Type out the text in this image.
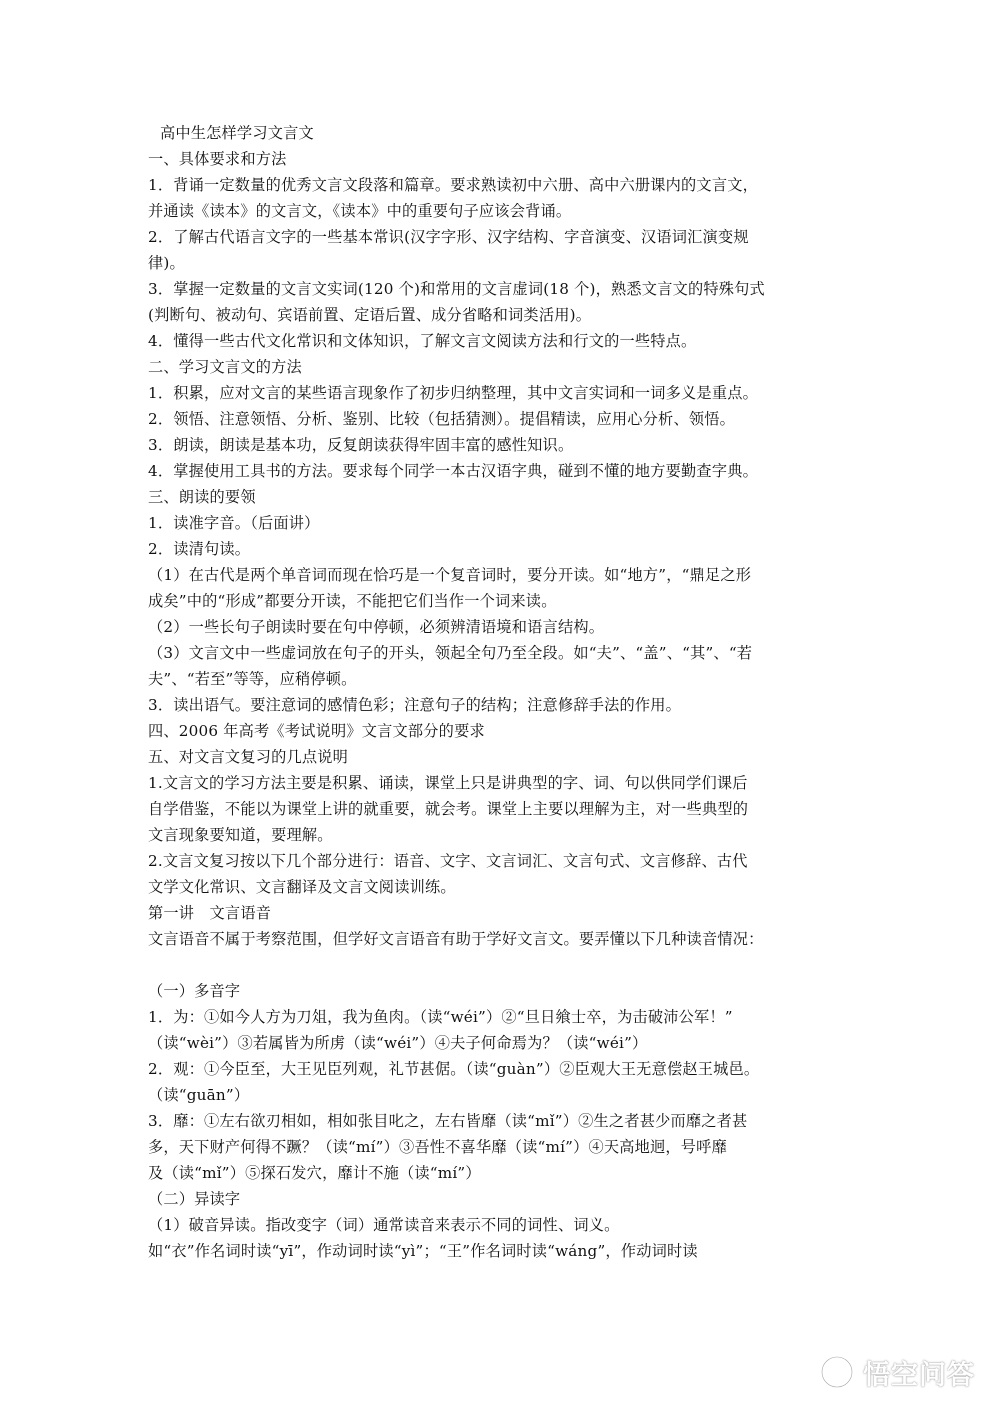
高中生怎样学习文言文
一、具体要求和方法
1．背诵一定数量的优秀文言文段落和篇章。要求熟读初中六册、高中六册课内的文言文，
并通读《读本》的文言文，《读本》中的重要句子应该会背诵。
2．了解古代语言文字的一些基本常识(汉字字形、汉字结构、字音演变、汉语词汇演变规
律)。
3．掌握一定数量的文言文实词(120 个)和常用的文言虚词(18 个)，熟悉文言文的特殊句式
(判断句、被动句、宾语前置、定语后置、成分省略和词类活用)。
4．懂得一些古代文化常识和文体知识，了解文言文阅读方法和行文的一些特点。
二、学习文言文的方法
1．积累，应对文言的某些语言现象作了初步归纳整理，其中文言实词和一词多义是重点。
2．领悟、注意领悟、分析、鉴别、比较（包括猜测）。提倡精读，应用心分析、领悟。
3．朗读，朗读是基本功，反复朗读获得牢固丰富的感性知识。
4．掌握使用工具书的方法。要求每个同学一本古汉语字典，碰到不懂的地方要勤查字典。
三、朗读的要领
1．读准字音。（后面讲）
2．读清句读。
（1）在古代是两个单音词而现在恰巧是一个复音词时，要分开读。如“地方”，“鼎足之形
成矣”中的“形成”都要分开读，不能把它们当作一个词来读。
（2）一些长句子朗读时要在句中停顿，必须辨清语境和语言结构。
（3）文言文中一些虚词放在句子的开头，领起全句乃至全段。如“夫”、“盖”、“其”、“若
夫”、“若至”等等，应稍停顿。
3．读出语气。要注意词的感情色彩；注意句子的结构；注意修辞手法的作用。
四、2006 年高考《考试说明》文言文部分的要求
五、对文言文复习的几点说明
1.文言文的学习方法主要是积累、诵读，课堂上只是讲典型的字、词、句以供同学们课后
自学借鉴，不能以为课堂上讲的就重要，就会考。课堂上主要以理解为主，对一些典型的
文言现象要知道，要理解。
2.文言文复习按以下几个部分进行：语音、文字、文言词汇、文言句式、文言修辞、古代
文学文化常识、文言翻译及文言文阅读训练。
第一讲　文言语音
文言语音不属于考察范围，但学好文言语音有助于学好文言文。要弄懂以下几种读音情况：
（一）多音字
1．为：①如今人方为刀俎，我为鱼肉。（读“wéi”）②“旦日飨士卒，为击破沛公军！”
（读“wèi”）③若属皆为所虏（读“wéi”）④夫子何命焉为？（读“wéi”）
2．观：①今臣至，大王见臣列观，礼节甚倨。（读“guàn”）②臣观大王无意偿赵王城邑。
（读“guān”）
3．靡：①左右欲刃相如，相如张目叱之，左右皆靡（读“mǐ”）②生之者甚少而靡之者甚
多，天下财产何得不蹶？（读“mí”）③吾性不喜华靡（读“mí”）④天高地迥，号呼靡
及（读“mǐ”）⑤探石发穴，靡计不施（读“mí”）
（二）异读字
（1）破音异读。指改变字（词）通常读音来表示不同的词性、词义。
如“衣”作名词时读“yī”，作动词时读“yì”；“王”作名词时读“wáng”，作动词时读
悟空问答
